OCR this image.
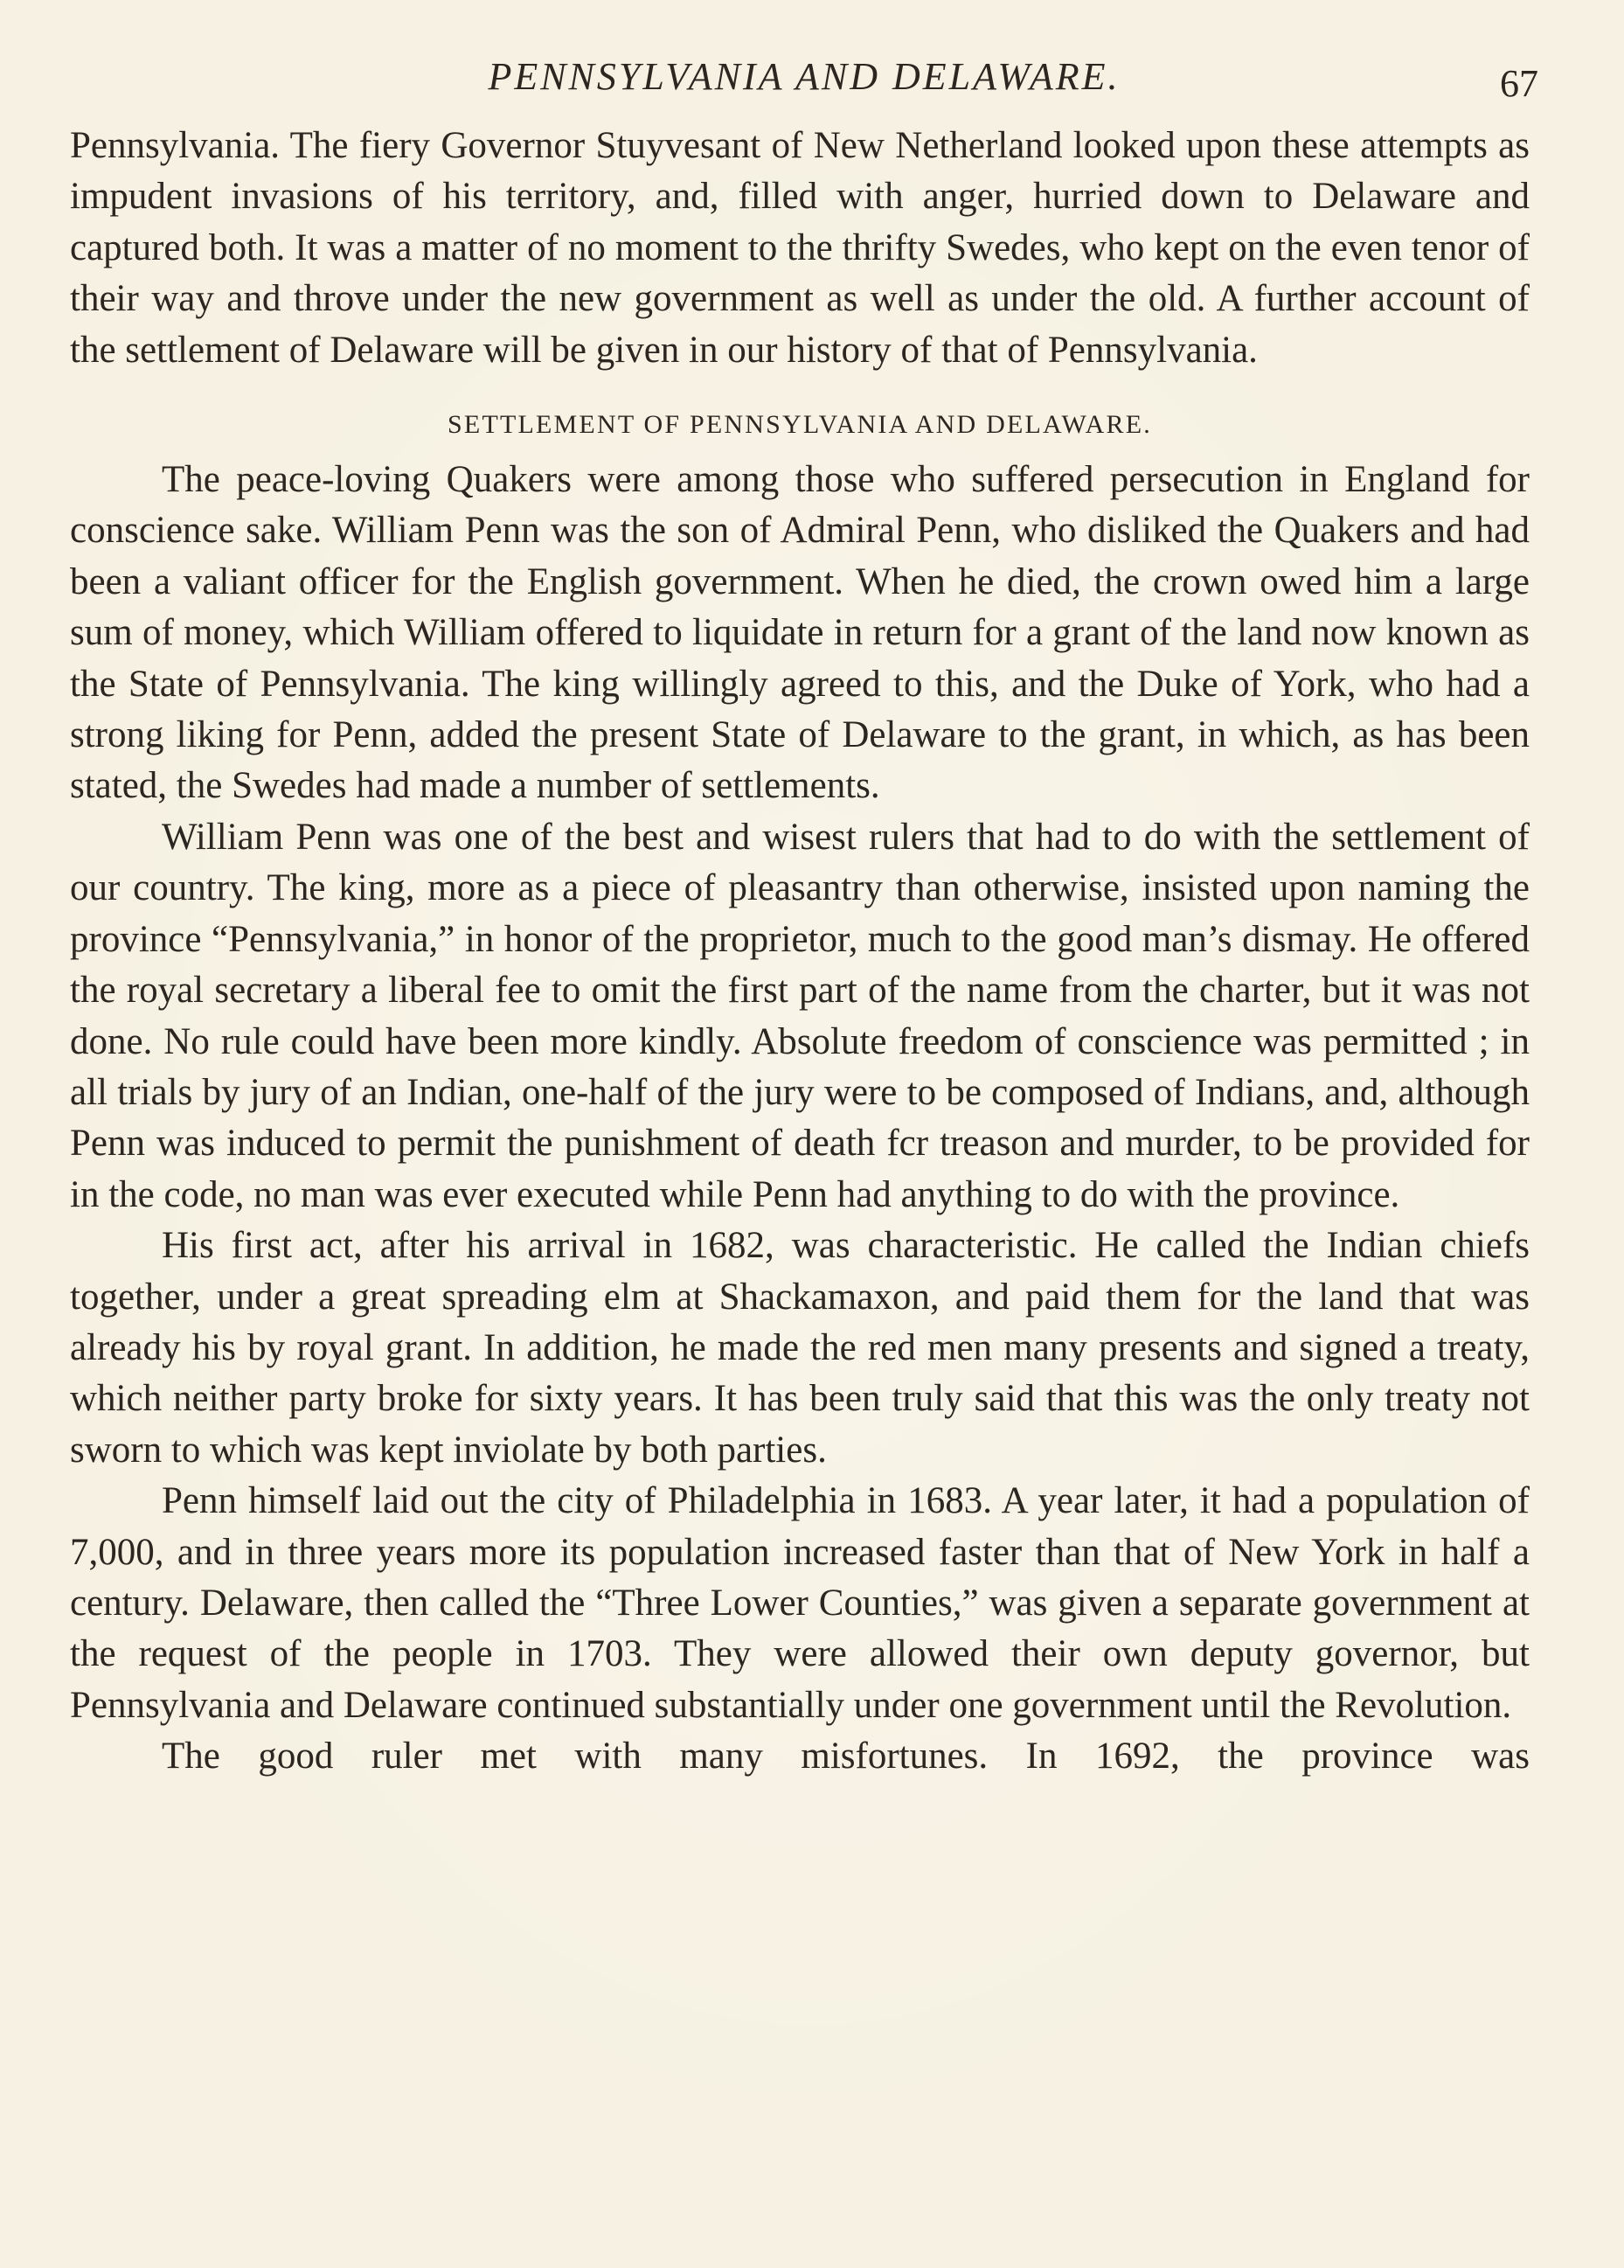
PENNSYLVANIA AND DELAWARE.	67

Pennsylvania. The fiery Governor Stuyvesant of New Netherland looked upon these attempts as impudent invasions of his territory, and, filled with anger, hurried down to Delaware and captured both. It was a matter of no moment to the thrifty Swedes, who kept on the even tenor of their way and throve under the new government as well as under the old. A further account of the settlement of Delaware will be given in our history of that of Pennsylvania.

SETTLEMENT OF PENNSYLVANIA AND DELAWARE.

The peace-loving Quakers were among those who suffered persecution in England for conscience sake. William Penn was the son of Admiral Penn, who disliked the Quakers and had been a valiant officer for the English government. When he died, the crown owed him a large sum of money, which William offered to liquidate in return for a grant of the land now known as the State of Pennsylvania. The king willingly agreed to this, and the Duke of York, who had a strong liking for Penn, added the present State of Delaware to the grant, in which, as has been stated, the Swedes had made a number of settlements.

William Penn was one of the best and wisest rulers that had to do with the settlement of our country. The king, more as a piece of pleasantry than otherwise, insisted upon naming the province “Pennsylvania,” in honor of the proprietor, much to the good man’s dismay. He offered the royal secretary a liberal fee to omit the first part of the name from the charter, but it was not done. No rule could have been more kindly. Absolute freedom of conscience was permitted ; in all trials by jury of an Indian, one-half of the jury were to be composed of Indians, and, although Penn was induced to permit the punishment of death fcr treason and murder, to be provided for in the code, no man was ever executed while Penn had anything to do with the province.

His first act, after his arrival in 1682, was characteristic. He called the Indian chiefs together, under a great spreading elm at Shackamaxon, and paid them for the land that was already his by royal grant. In addition, he made the red men many presents and signed a treaty, which neither party broke for sixty years. It has been truly said that this was the only treaty not sworn to which was kept inviolate by both parties.

Penn himself laid out the city of Philadelphia in 1683. A year later, it had a population of 7,000, and in three years more its population increased faster than that of New York in half a century. Delaware, then called the “Three Lower Counties,” was given a separate government at the request of the people in 1703. They were allowed their own deputy governor, but Pennsylvania and Delaware continued substantially under one government until the Revolution.

The good ruler met with many misfortunes. In 1692, the province was
